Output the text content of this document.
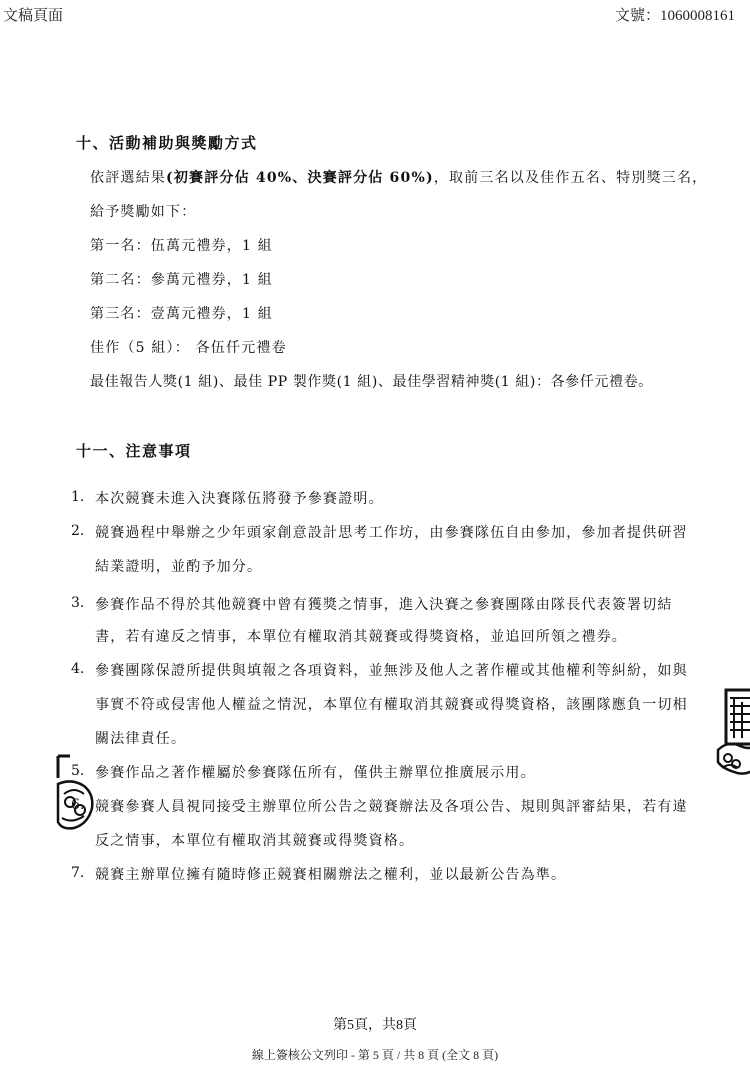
文稿頁面	文號：1060008161
十、活動補助與獎勵方式
依評選結果(初賽評分佔 40%、決賽評分佔 60%)，取前三名以及佳作五名、特別獎三名，
給予獎勵如下：
第一名：伍萬元禮券，1 組
第二名：參萬元禮券，1 組
第三名：壹萬元禮券，1 組
佳作（5 組）： 各伍仟元禮卷
最佳報告人獎(1 組)、最佳 PP 製作獎(1 組)、最佳學習精神獎(1 組)：各參仟元禮卷。
十一、注意事項
1. 本次競賽未進入決賽隊伍將發予參賽證明。
2. 競賽過程中舉辦之少年頭家創意設計思考工作坊，由參賽隊伍自由參加，參加者提供研習
結業證明，並酌予加分。
3. 參賽作品不得於其他競賽中曾有獲獎之情事，進入決賽之參賽團隊由隊長代表簽署切結
書，若有違反之情事，本單位有權取消其競賽或得獎資格，並追回所領之禮券。
4. 參賽團隊保證所提供與填報之各項資料，並無涉及他人之著作權或其他權利等糾紛，如與
事實不符或侵害他人權益之情況，本單位有權取消其競賽或得獎資格，該團隊應負一切相
關法律責任。
5. 參賽作品之著作權屬於參賽隊伍所有，僅供主辦單位推廣展示用。
6. 競賽參賽人員視同接受主辦單位所公告之競賽辦法及各項公告、規則與評審結果，若有違
反之情事，本單位有權取消其競賽或得獎資格。
7. 競賽主辦單位擁有隨時修正競賽相關辦法之權利，並以最新公告為準。
第5頁，共8頁
線上簽核公文列印 - 第 5 頁 / 共 8 頁 (全文 8 頁)
